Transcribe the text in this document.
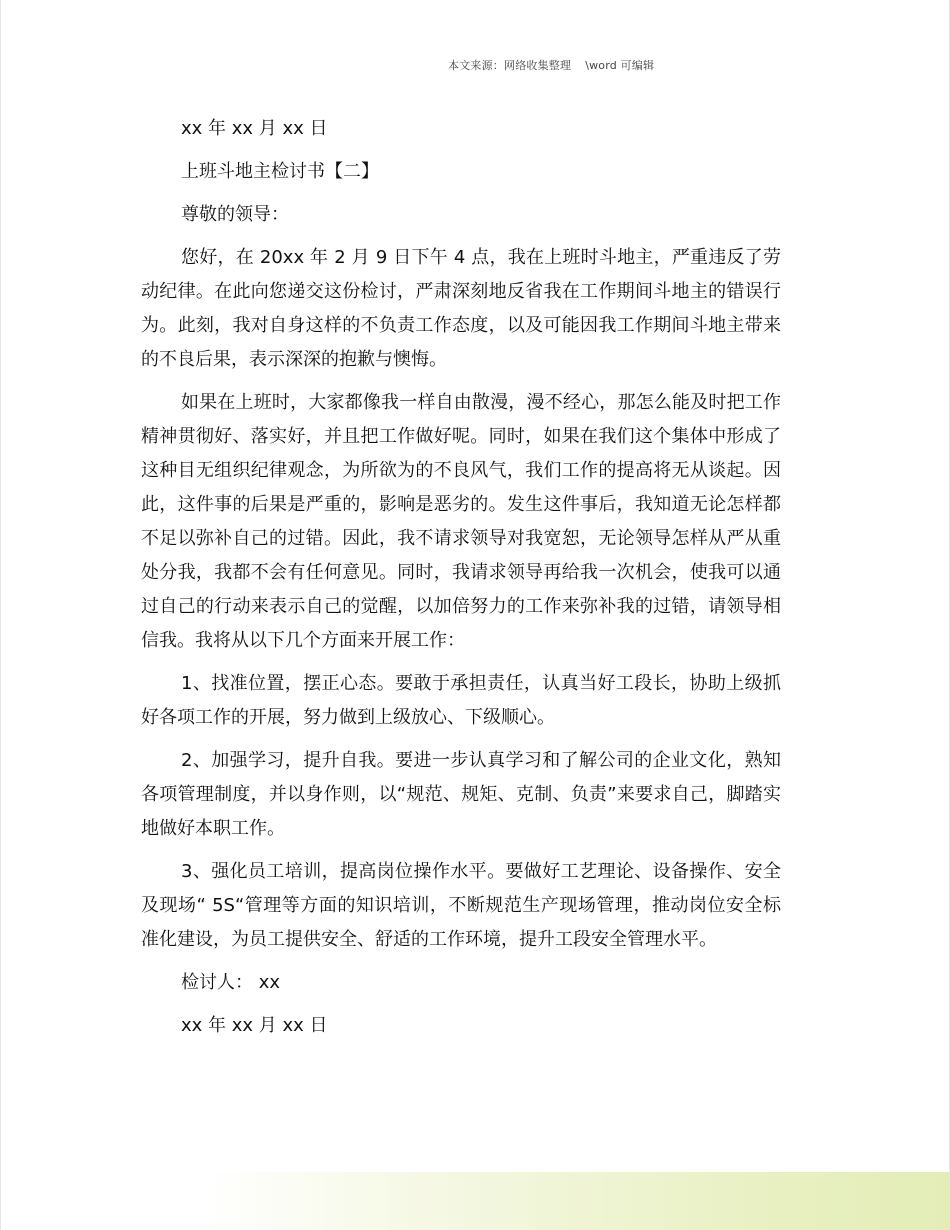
本文来源：网络收集整理 \word 可编辑

xx 年 xx 月 xx 日

上班斗地主检讨书【二】

尊敬的领导：

您好，在 20xx 年 2 月 9 日下午 4 点，我在上班时斗地主，严重违反了劳动纪律。在此向您递交这份检讨，严肃深刻地反省我在工作期间斗地主的错误行为。此刻，我对自身这样的不负责工作态度，以及可能因我工作期间斗地主带来的不良后果，表示深深的抱歉与懊悔。

如果在上班时，大家都像我一样自由散漫，漫不经心，那怎么能及时把工作精神贯彻好、落实好，并且把工作做好呢。同时，如果在我们这个集体中形成了这种目无组织纪律观念，为所欲为的不良风气，我们工作的提高将无从谈起。因此，这件事的后果是严重的，影响是恶劣的。发生这件事后，我知道无论怎样都不足以弥补自己的过错。因此，我不请求领导对我宽恕，无论领导怎样从严从重处分我，我都不会有任何意见。同时，我请求领导再给我一次机会，使我可以通过自己的行动来表示自己的觉醒，以加倍努力的工作来弥补我的过错，请领导相信我。我将从以下几个方面来开展工作：

1、找准位置，摆正心态。要敢于承担责任，认真当好工段长，协助上级抓好各项工作的开展，努力做到上级放心、下级顺心。

2、加强学习，提升自我。要进一步认真学习和了解公司的企业文化，熟知各项管理制度，并以身作则，以“规范、规矩、克制、负责”来要求自己，脚踏实地做好本职工作。

3、强化员工培训，提高岗位操作水平。要做好工艺理论、设备操作、安全及现场“ 5S“管理等方面的知识培训，不断规范生产现场管理，推动岗位安全标准化建设，为员工提供安全、舒适的工作环境，提升工段安全管理水平。

检讨人： xx

xx 年 xx 月 xx 日
